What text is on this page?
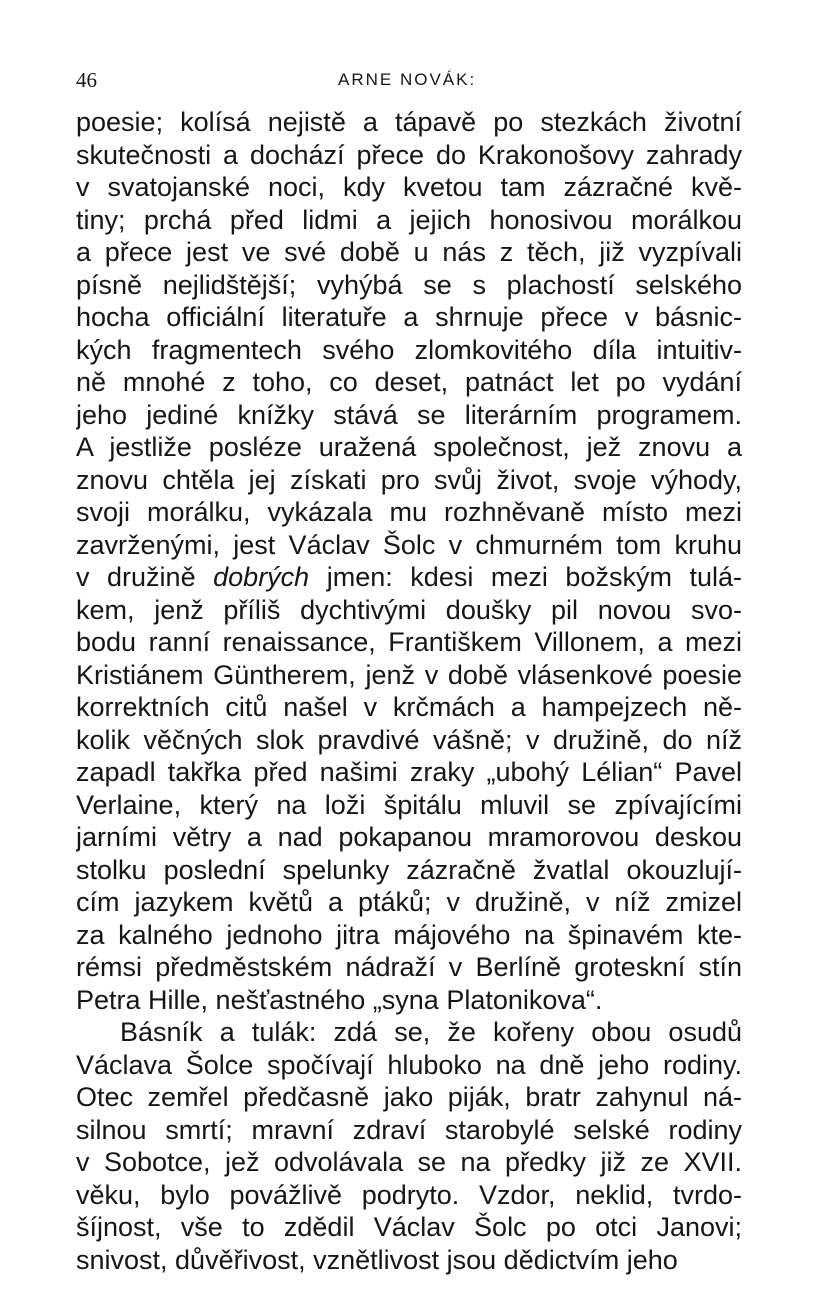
46	ARNE NOVÁK:
poesie; kolísá nejistě a tápavě po stezkách životní
skutečnosti a dochází přece do Krakonošovy zahrady
v svatojanské noci, kdy kvetou tam zázračné kvě-
tiny; prchá před lidmi a jejich honosivou morálkou
a přece jest ve své době u nás z těch, již vyzpívali
písně nejlidštější; vyhýbá se s plachostí selského
hocha officiální literatuře a shrnuje přece v básnic-
kých fragmentech svého zlomkovitého díla intuitiv-
ně mnohé z toho, co deset, patnáct let po vydání
jeho jediné knížky stává se literárním programem.
A jestliže posléze uražená společnost, jež znovu a
znovu chtěla jej získati pro svůj život, svoje výhody,
svoji morálku, vykázala mu rozhněvaně místo mezi
zavrženými, jest Václav Šolc v chmurném tom kruhu
v družině dobrých jmen: kdesi mezi božským tulá-
kem, jenž příliš dychtivými doušky pil novou svo-
bodu ranní renaissance, Františkem Villonem, a mezi
Kristiánem Güntherem, jenž v době vlásenkové poesie
korrektních citů našel v krčmách a hampejzech ně-
kolik věčných slok pravdivé vášně; v družině, do níž
zapadl takřka před našimi zraky „ubohý Lélian“ Pavel
Verlaine, který na loži špitálu mluvil se zpívajícími
jarními větry a nad pokapanou mramorovou deskou
stolku poslední spelunky zázračně žvatlal okouzlují-
cím jazykem květů a ptáků; v družině, v níž zmizel
za kalného jednoho jitra májového na špinavém kte-
rémsi předměstském nádraží v Berlíně groteskní stín
Petra Hille, nešťastného „syna Platonikova“.
Básník a tulák: zdá se, že kořeny obou osudů
Václava Šolce spočívají hluboko na dně jeho rodiny.
Otec zemřel předčasně jako piják, bratr zahynul ná-
silnou smrtí; mravní zdraví starobylé selské rodiny
v Sobotce, jež odvolávala se na předky již ze XVII.
věku, bylo povážlivě podryto. Vzdor, neklid, tvrdo-
šíjnost, vše to zdědil Václav Šolc po otci Janovi;
snivost, důvěřivost, vznětlivost jsou dědictvím jeho
